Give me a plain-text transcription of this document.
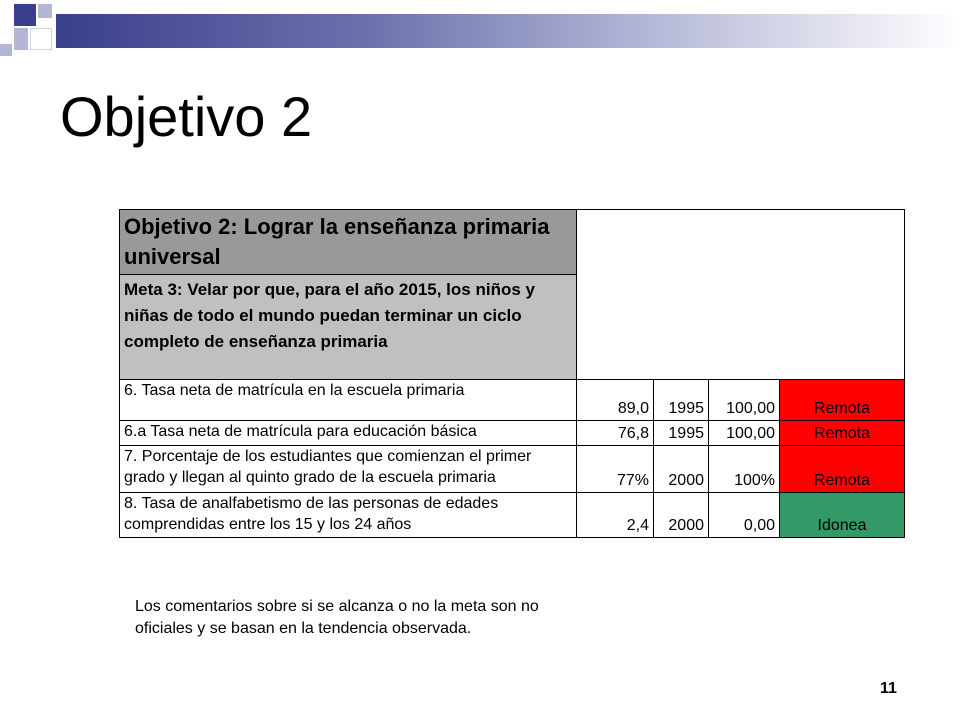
Objetivo 2
Objetivo 2: Lograr la enseñanza primaria universal				
Meta 3: Velar por que, para el año 2015, los niños y niñas de todo el mundo puedan terminar un ciclo completo de enseñanza primaria				
6. Tasa neta de matrícula en la escuela primaria	89,0	1995	100,00	Remota
6.a Tasa neta de matrícula para educación básica	76,8	1995	100,00	Remota
7. Porcentaje de los estudiantes que comienzan el primer grado y llegan al quinto grado de la escuela primaria	77%	2000	100%	Remota
8. Tasa de analfabetismo de las personas de edades comprendidas entre los 15 y los 24 años	2,4	2000	0,00	Idonea

Los comentarios sobre si se alcanza o no la meta son no oficiales y se basan en la tendencia observada.

11
